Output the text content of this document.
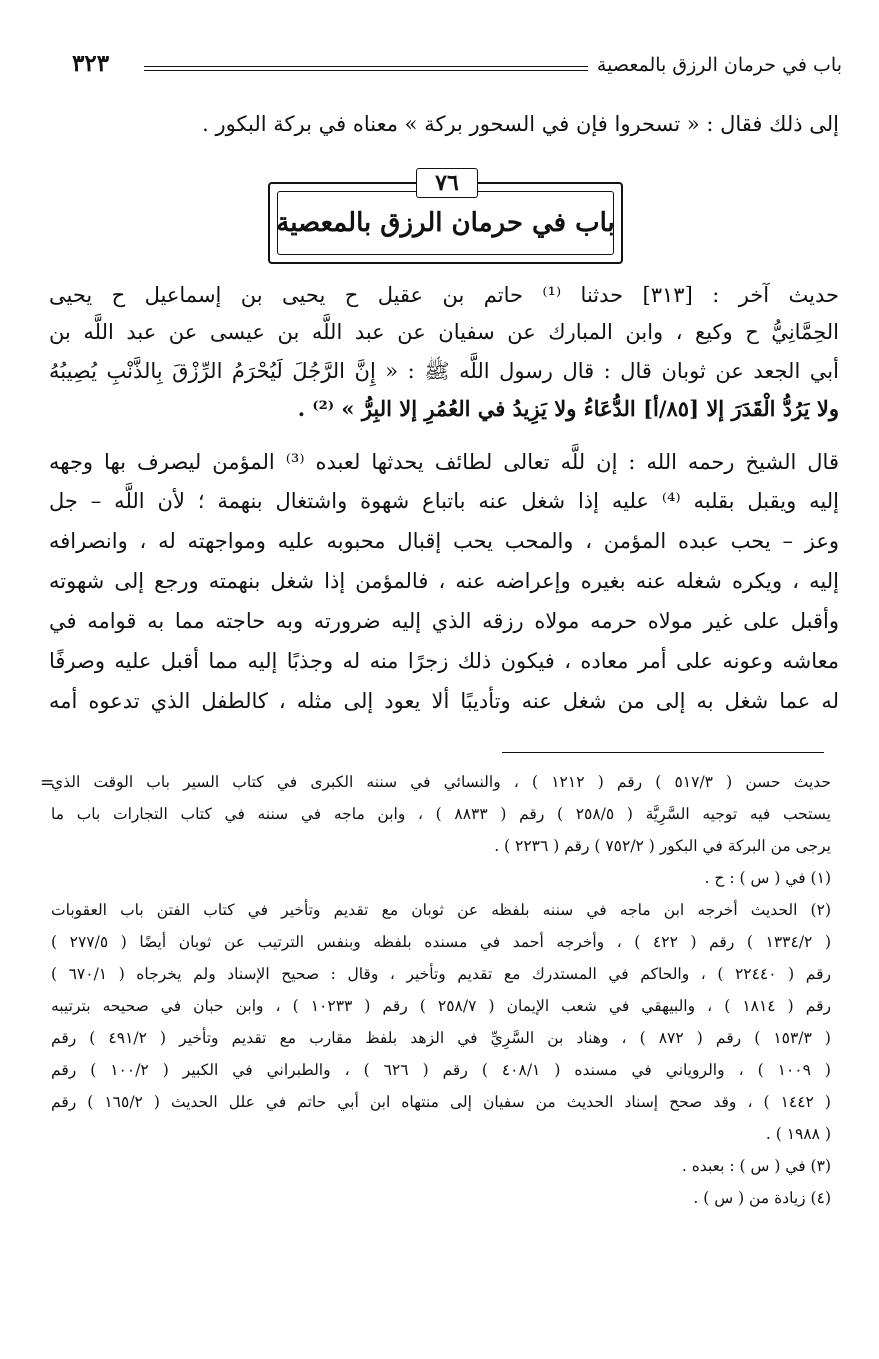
باب في حرمان الرزق بالمعصية
٣٢٣
إلى ذلك فقال : « تسحروا فإن في السحور بركة » معناه في بركة البكور .
٧٦
باب في حرمان الرزق بالمعصية
حديث آخر : [٣١٣] حدثنا ⁽¹⁾ حاتم بن عقيل ح يحيى بن إسماعيل ح يحيى
الحِمَّانِيُّ ح وكيع ، وابن المبارك عن سفيان عن عبد اللَّه بن عيسى عن عبد اللَّه بن
أبي الجعد عن ثوبان قال : قال رسول اللَّه ﷺ : « إِنَّ الرَّجُلَ لَيُحْرَمُ الرِّزْقَ بِالذَّنْبِ يُصِيبُهُ
ولا يَرُدُّ الْقَدَرَ إلا [٨٥/أ] الدُّعَاءُ ولا يَزِيدُ في العُمُرِ إلا البِرُّ » ⁽²⁾ .
قال الشيخ رحمه الله : إن للَّه تعالى لطائف يحدثها لعبده ⁽³⁾ المؤمن ليصرف بها وجهه
إليه ويقبل بقلبه ⁽⁴⁾ عليه إذا شغل عنه باتباع شهوة واشتغال بنهمة ؛ لأن اللَّه – جل
وعز – يحب عبده المؤمن ، والمحب يحب إقبال محبوبه عليه ومواجهته له ، وانصرافه
إليه ، ويكره شغله عنه بغيره وإعراضه عنه ، فالمؤمن إذا شغل بنهمته ورجع إلى شهوته
وأقبل على غير مولاه حرمه مولاه رزقه الذي إليه ضرورته وبه حاجته مما به قوامه في
معاشه وعونه على أمر معاده ، فيكون ذلك زجرًا منه له وجذبًا إليه مما أقبل عليه وصرفًا
له عما شغل به إلى من شغل عنه وتأديبًا ألا يعود إلى مثله ، كالطفل الذي تدعوه أمه
=
حديث حسن ( ٥١٧/٣ ) رقم ( ١٢١٢ ) ، والنسائي في سننه الكبرى في كتاب السير باب الوقت الذي
يستحب فيه توجيه السَّرِيَّة ( ٢٥٨/٥ ) رقم ( ٨٨٣٣ ) ، وابن ماجه في سننه في كتاب التجارات باب ما
يرجى من البركة في البكور ( ٧٥٢/٢ ) رقم ( ٢٢٣٦ ) .
(١) في ( س ) : ح .
(٢) الحديث أخرجه ابن ماجه في سننه بلفظه عن ثوبان مع تقديم وتأخير في كتاب الفتن باب العقوبات
( ١٣٣٤/٢ ) رقم ( ٤٢٢ ) ، وأخرجه أحمد في مسنده بلفظه وبنفس الترتيب عن ثوبان أيضًا ( ٢٧٧/٥ )
رقم ( ٢٢٤٤٠ ) ، والحاكم في المستدرك مع تقديم وتأخير ، وقال : صحيح الإسناد ولم يخرجاه ( ٦٧٠/١ )
رقم ( ١٨١٤ ) ، والبيهقي في شعب الإيمان ( ٢٥٨/٧ ) رقم ( ١٠٢٣٣ ) ، وابن حبان في صحيحه بترتيبه
( ١٥٣/٣ ) رقم ( ٨٧٢ ) ، وهناد بن السَّرِيِّ في الزهد بلفظ مقارب مع تقديم وتأخير ( ٤٩١/٢ ) رقم
( ١٠٠٩ ) ، والروياني في مسنده ( ٤٠٨/١ ) رقم ( ٦٢٦ ) ، والطبراني في الكبير ( ١٠٠/٢ ) رقم
( ١٤٤٢ ) ، وقد صحح إسناد الحديث من سفيان إلى منتهاه ابن أبي حاتم في علل الحديث ( ١٦٥/٢ ) رقم
( ١٩٨٨ ) .
(٣) في ( س ) : بعبده .
(٤) زيادة من ( س ) .
